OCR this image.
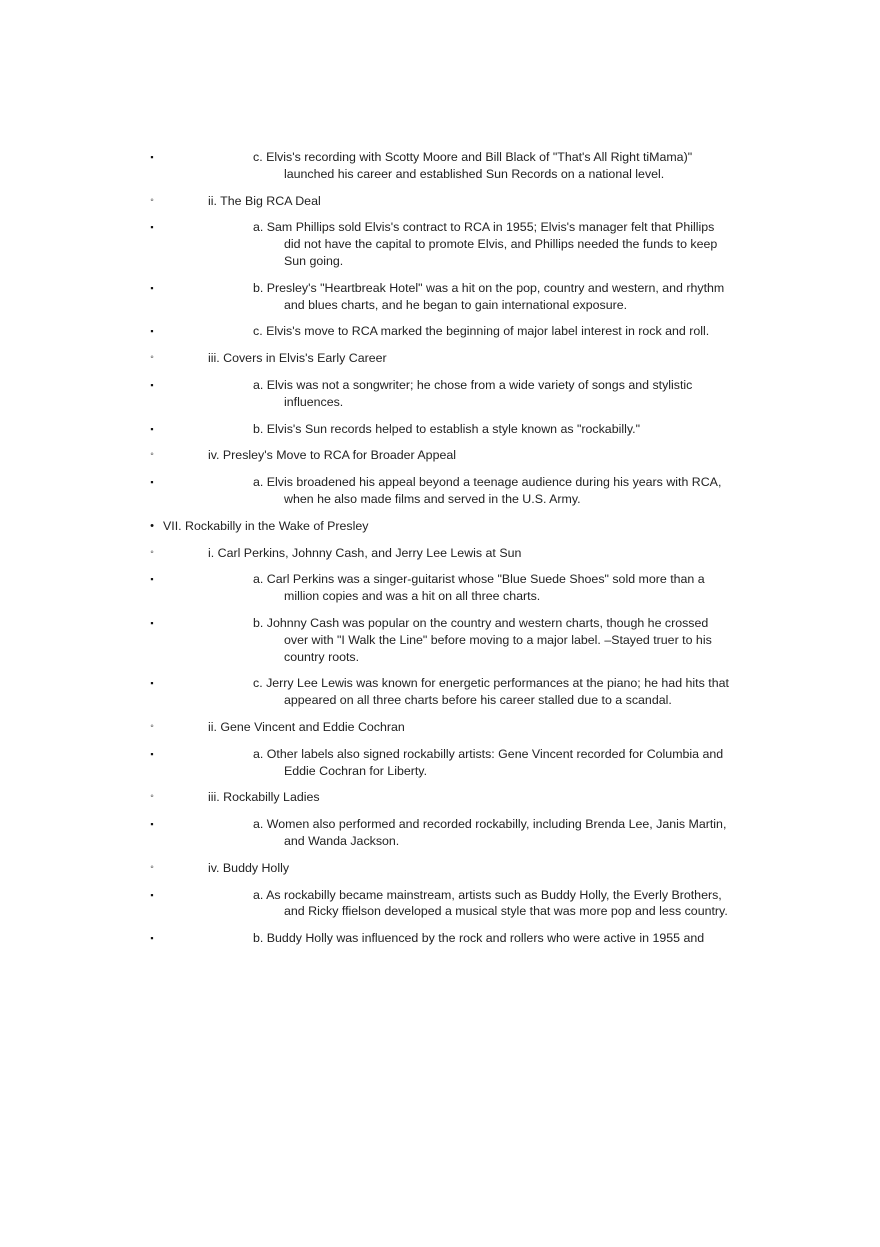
▪	c. Elvis's recording with Scotty Moore and Bill Black of "That's All Right tiMama)" launched his career and established Sun Records on a national level.
◦	ii. The Big RCA Deal
▪	a. Sam Phillips sold Elvis's contract to RCA in 1955; Elvis's manager felt that Phillips did not have the capital to promote Elvis, and Phillips needed the funds to keep Sun going.
▪	b. Presley's "Heartbreak Hotel" was a hit on the pop, country and western, and rhythm and blues charts, and he began to gain international exposure.
▪	c. Elvis's move to RCA marked the beginning of major label interest in rock and roll.
◦	iii. Covers in Elvis's Early Career
▪	a. Elvis was not a songwriter; he chose from a wide variety of songs and stylistic influences.
▪	b. Elvis's Sun records helped to establish a style known as "rockabilly."
◦	iv. Presley's Move to RCA for Broader Appeal
▪	a. Elvis broadened his appeal beyond a teenage audience during his years with RCA, when he also made films and served in the U.S. Army.
• VII. Rockabilly in the Wake of Presley
◦	i. Carl Perkins, Johnny Cash, and Jerry Lee Lewis at Sun
▪	a. Carl Perkins was a singer-guitarist whose "Blue Suede Shoes" sold more than a million copies and was a hit on all three charts.
▪	b. Johnny Cash was popular on the country and western charts, though he crossed over with "I Walk the Line" before moving to a major label. –Stayed truer to his country roots.
▪	c. Jerry Lee Lewis was known for energetic performances at the piano; he had hits that appeared on all three charts before his career stalled due to a scandal.
◦	ii. Gene Vincent and Eddie Cochran
▪	a. Other labels also signed rockabilly artists: Gene Vincent recorded for Columbia and Eddie Cochran for Liberty.
◦	iii. Rockabilly Ladies
▪	a. Women also performed and recorded rockabilly, including Brenda Lee, Janis Martin, and Wanda Jackson.
◦	iv. Buddy Holly
▪	a. As rockabilly became mainstream, artists such as Buddy Holly, the Everly Brothers, and Ricky ffielson developed a musical style that was more pop and less country.
▪	b. Buddy Holly was influenced by the rock and rollers who were active in 1955 and
